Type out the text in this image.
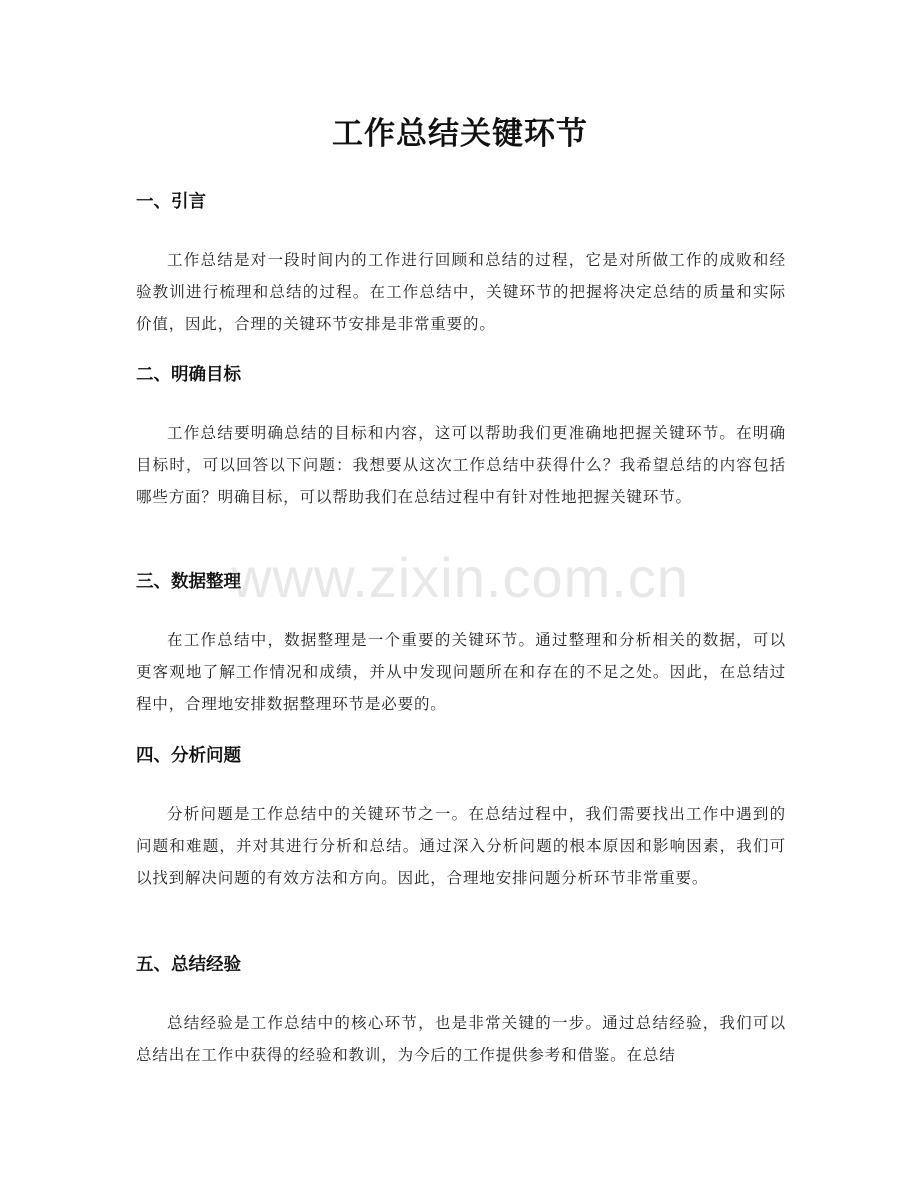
工作总结关键环节
一、引言

工作总结是对一段时间内的工作进行回顾和总结的过程，它是对所做工作的成败和经验教训进行梳理和总结的过程。在工作总结中，关键环节的把握将决定总结的质量和实际价值，因此，合理的关键环节安排是非常重要的。

二、明确目标

工作总结要明确总结的目标和内容，这可以帮助我们更准确地把握关键环节。在明确目标时，可以回答以下问题：我想要从这次工作总结中获得什么？我希望总结的内容包括哪些方面？明确目标，可以帮助我们在总结过程中有针对性地把握关键环节。

三、数据整理

在工作总结中，数据整理是一个重要的关键环节。通过整理和分析相关的数据，可以更客观地了解工作情况和成绩，并从中发现问题所在和存在的不足之处。因此，在总结过程中，合理地安排数据整理环节是必要的。

四、分析问题

分析问题是工作总结中的关键环节之一。在总结过程中，我们需要找出工作中遇到的问题和难题，并对其进行分析和总结。通过深入分析问题的根本原因和影响因素，我们可以找到解决问题的有效方法和方向。因此，合理地安排问题分析环节非常重要。

五、总结经验

总结经验是工作总结中的核心环节，也是非常关键的一步。通过总结经验，我们可以总结出在工作中获得的经验和教训，为今后的工作提供参考和借鉴。在总结

www.zixin.com.cn
